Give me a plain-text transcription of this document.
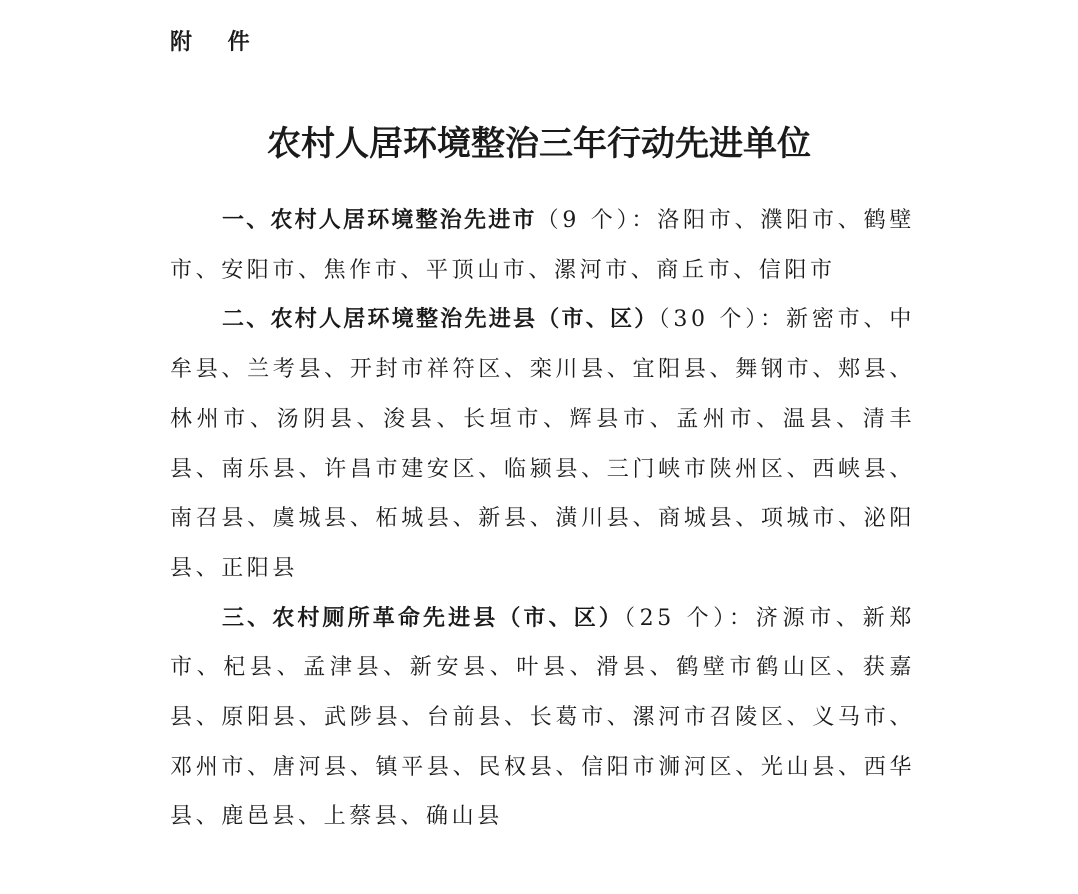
附 件
农村人居环境整治三年行动先进单位

一、农村人居环境整治先进市（9 个）：洛阳市、濮阳市、鹤壁市、安阳市、焦作市、平顶山市、漯河市、商丘市、信阳市

二、农村人居环境整治先进县（市、区）（30 个）：新密市、中牟县、兰考县、开封市祥符区、栾川县、宜阳县、舞钢市、郏县、林州市、汤阴县、浚县、长垣市、辉县市、孟州市、温县、清丰县、南乐县、许昌市建安区、临颍县、三门峡市陕州区、西峡县、南召县、虞城县、柘城县、新县、潢川县、商城县、项城市、泌阳县、正阳县

三、农村厕所革命先进县（市、区）（25 个）：济源市、新郑市、杞县、孟津县、新安县、叶县、滑县、鹤壁市鹤山区、获嘉县、原阳县、武陟县、台前县、长葛市、漯河市召陵区、义马市、邓州市、唐河县、镇平县、民权县、信阳市浉河区、光山县、西华县、鹿邑县、上蔡县、确山县
